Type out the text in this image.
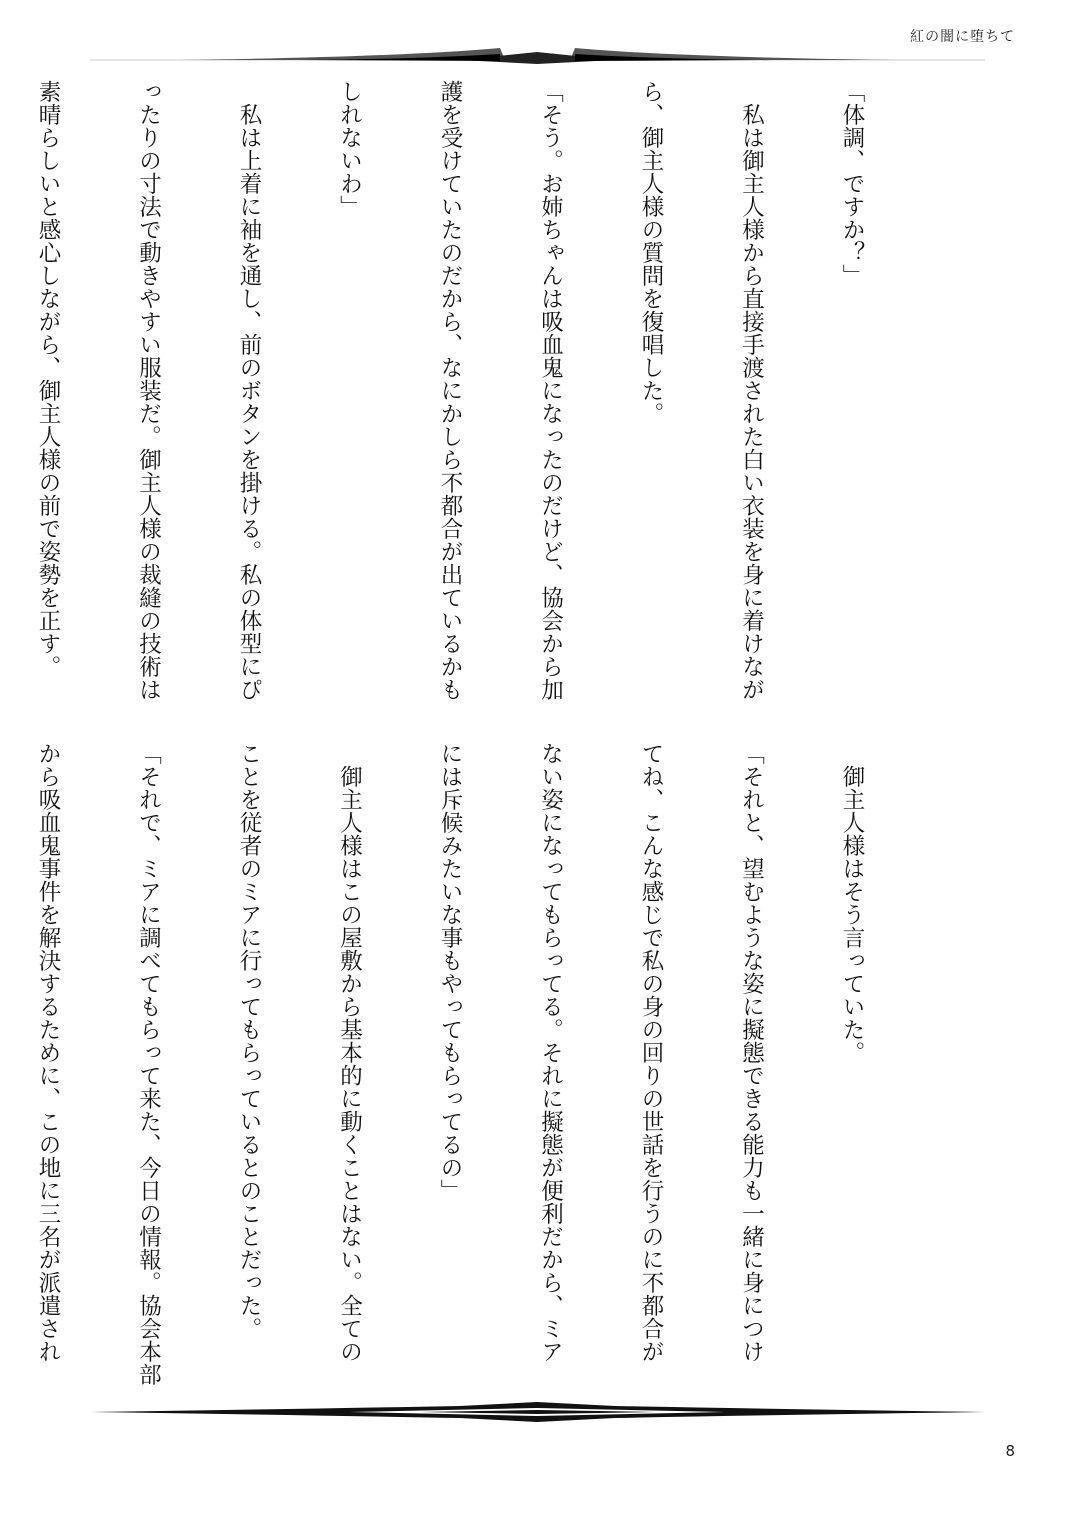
紅の闇に堕ちて

「体調、ですか？」

　私は御主人様から直接手渡された白い衣装を身に着けなが

ら、御主人様の質問を復唱した。

「そう。お姉ちゃんは吸血鬼になったのだけど、協会から加

護を受けていたのだから、なにかしら不都合が出ているかも

しれないわ」

　私は上着に袖を通し、前のボタンを掛ける。私の体型にぴ

ったりの寸法で動きやすい服装だ。御主人様の裁縫の技術は

素晴らしいと感心しながら、御主人様の前で姿勢を正す。

　御主人様はそう言っていた。

「それと、望むような姿に擬態できる能力も一緒に身につけ

てね、こんな感じで私の身の回りの世話を行うのに不都合が

ない姿になってもらってる。それに擬態が便利だから、ミア

には斥候みたいな事もやってもらってるの」

　御主人様はこの屋敷から基本的に動くことはない。全ての

ことを従者のミアに行ってもらっているとのことだった。

「それで、ミアに調べてもらって来た、今日の情報。協会本部

から吸血鬼事件を解決するために、この地に三名が派遣され

8
